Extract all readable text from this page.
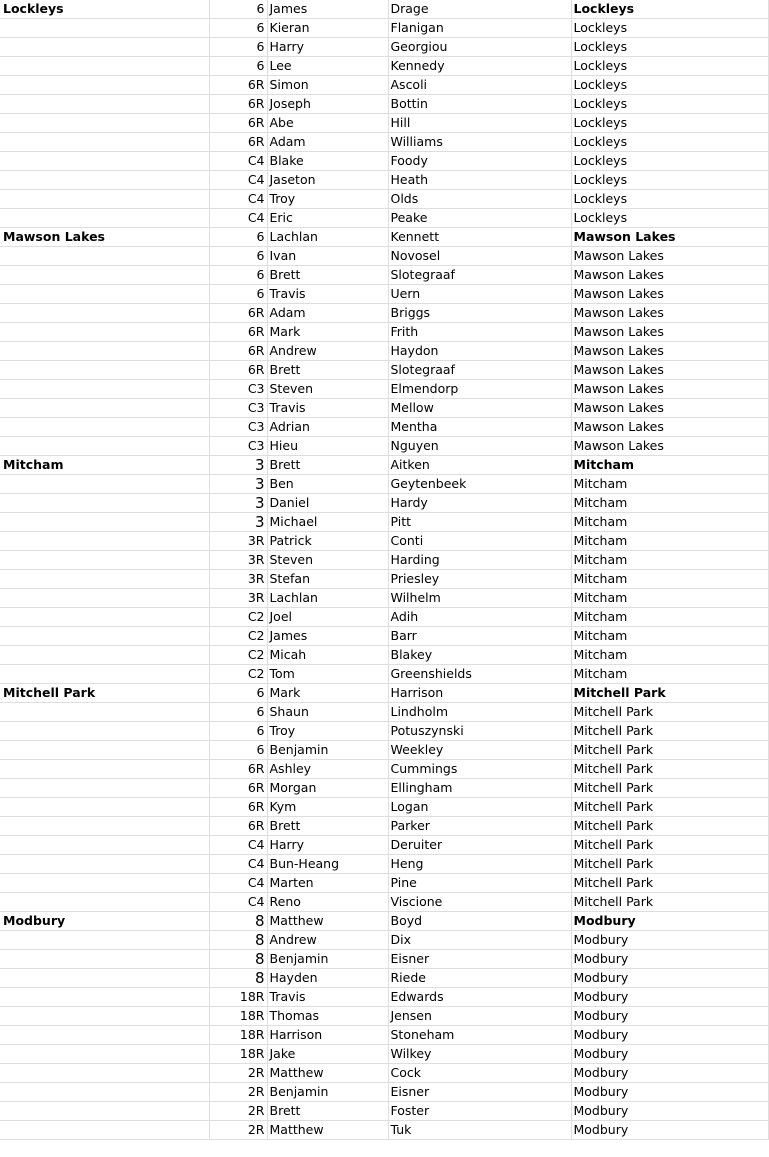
Lockleys	6	James	Drage	Lockleys
	6	Kieran	Flanigan	Lockleys
	6	Harry	Georgiou	Lockleys
	6	Lee	Kennedy	Lockleys
	6R	Simon	Ascoli	Lockleys
	6R	Joseph	Bottin	Lockleys
	6R	Abe	Hill	Lockleys
	6R	Adam	Williams	Lockleys
	C4	Blake	Foody	Lockleys
	C4	Jaseton	Heath	Lockleys
	C4	Troy	Olds	Lockleys
	C4	Eric	Peake	Lockleys
Mawson Lakes	6	Lachlan	Kennett	Mawson Lakes
	6	Ivan	Novosel	Mawson Lakes
	6	Brett	Slotegraaf	Mawson Lakes
	6	Travis	Uern	Mawson Lakes
	6R	Adam	Briggs	Mawson Lakes
	6R	Mark	Frith	Mawson Lakes
	6R	Andrew	Haydon	Mawson Lakes
	6R	Brett	Slotegraaf	Mawson Lakes
	C3	Steven	Elmendorp	Mawson Lakes
	C3	Travis	Mellow	Mawson Lakes
	C3	Adrian	Mentha	Mawson Lakes
	C3	Hieu	Nguyen	Mawson Lakes
Mitcham	3	Brett	Aitken	Mitcham
	3	Ben	Geytenbeek	Mitcham
	3	Daniel	Hardy	Mitcham
	3	Michael	Pitt	Mitcham
	3R	Patrick	Conti	Mitcham
	3R	Steven	Harding	Mitcham
	3R	Stefan	Priesley	Mitcham
	3R	Lachlan	Wilhelm	Mitcham
	C2	Joel	Adih	Mitcham
	C2	James	Barr	Mitcham
	C2	Micah	Blakey	Mitcham
	C2	Tom	Greenshields	Mitcham
Mitchell Park	6	Mark	Harrison	Mitchell Park
	6	Shaun	Lindholm	Mitchell Park
	6	Troy	Potuszynski	Mitchell Park
	6	Benjamin	Weekley	Mitchell Park
	6R	Ashley	Cummings	Mitchell Park
	6R	Morgan	Ellingham	Mitchell Park
	6R	Kym	Logan	Mitchell Park
	6R	Brett	Parker	Mitchell Park
	C4	Harry	Deruiter	Mitchell Park
	C4	Bun-Heang	Heng	Mitchell Park
	C4	Marten	Pine	Mitchell Park
	C4	Reno	Viscione	Mitchell Park
Modbury	8	Matthew	Boyd	Modbury
	8	Andrew	Dix	Modbury
	8	Benjamin	Eisner	Modbury
	8	Hayden	Riede	Modbury
	18R	Travis	Edwards	Modbury
	18R	Thomas	Jensen	Modbury
	18R	Harrison	Stoneham	Modbury
	18R	Jake	Wilkey	Modbury
	2R	Matthew	Cock	Modbury
	2R	Benjamin	Eisner	Modbury
	2R	Brett	Foster	Modbury
	2R	Matthew	Tuk	Modbury
